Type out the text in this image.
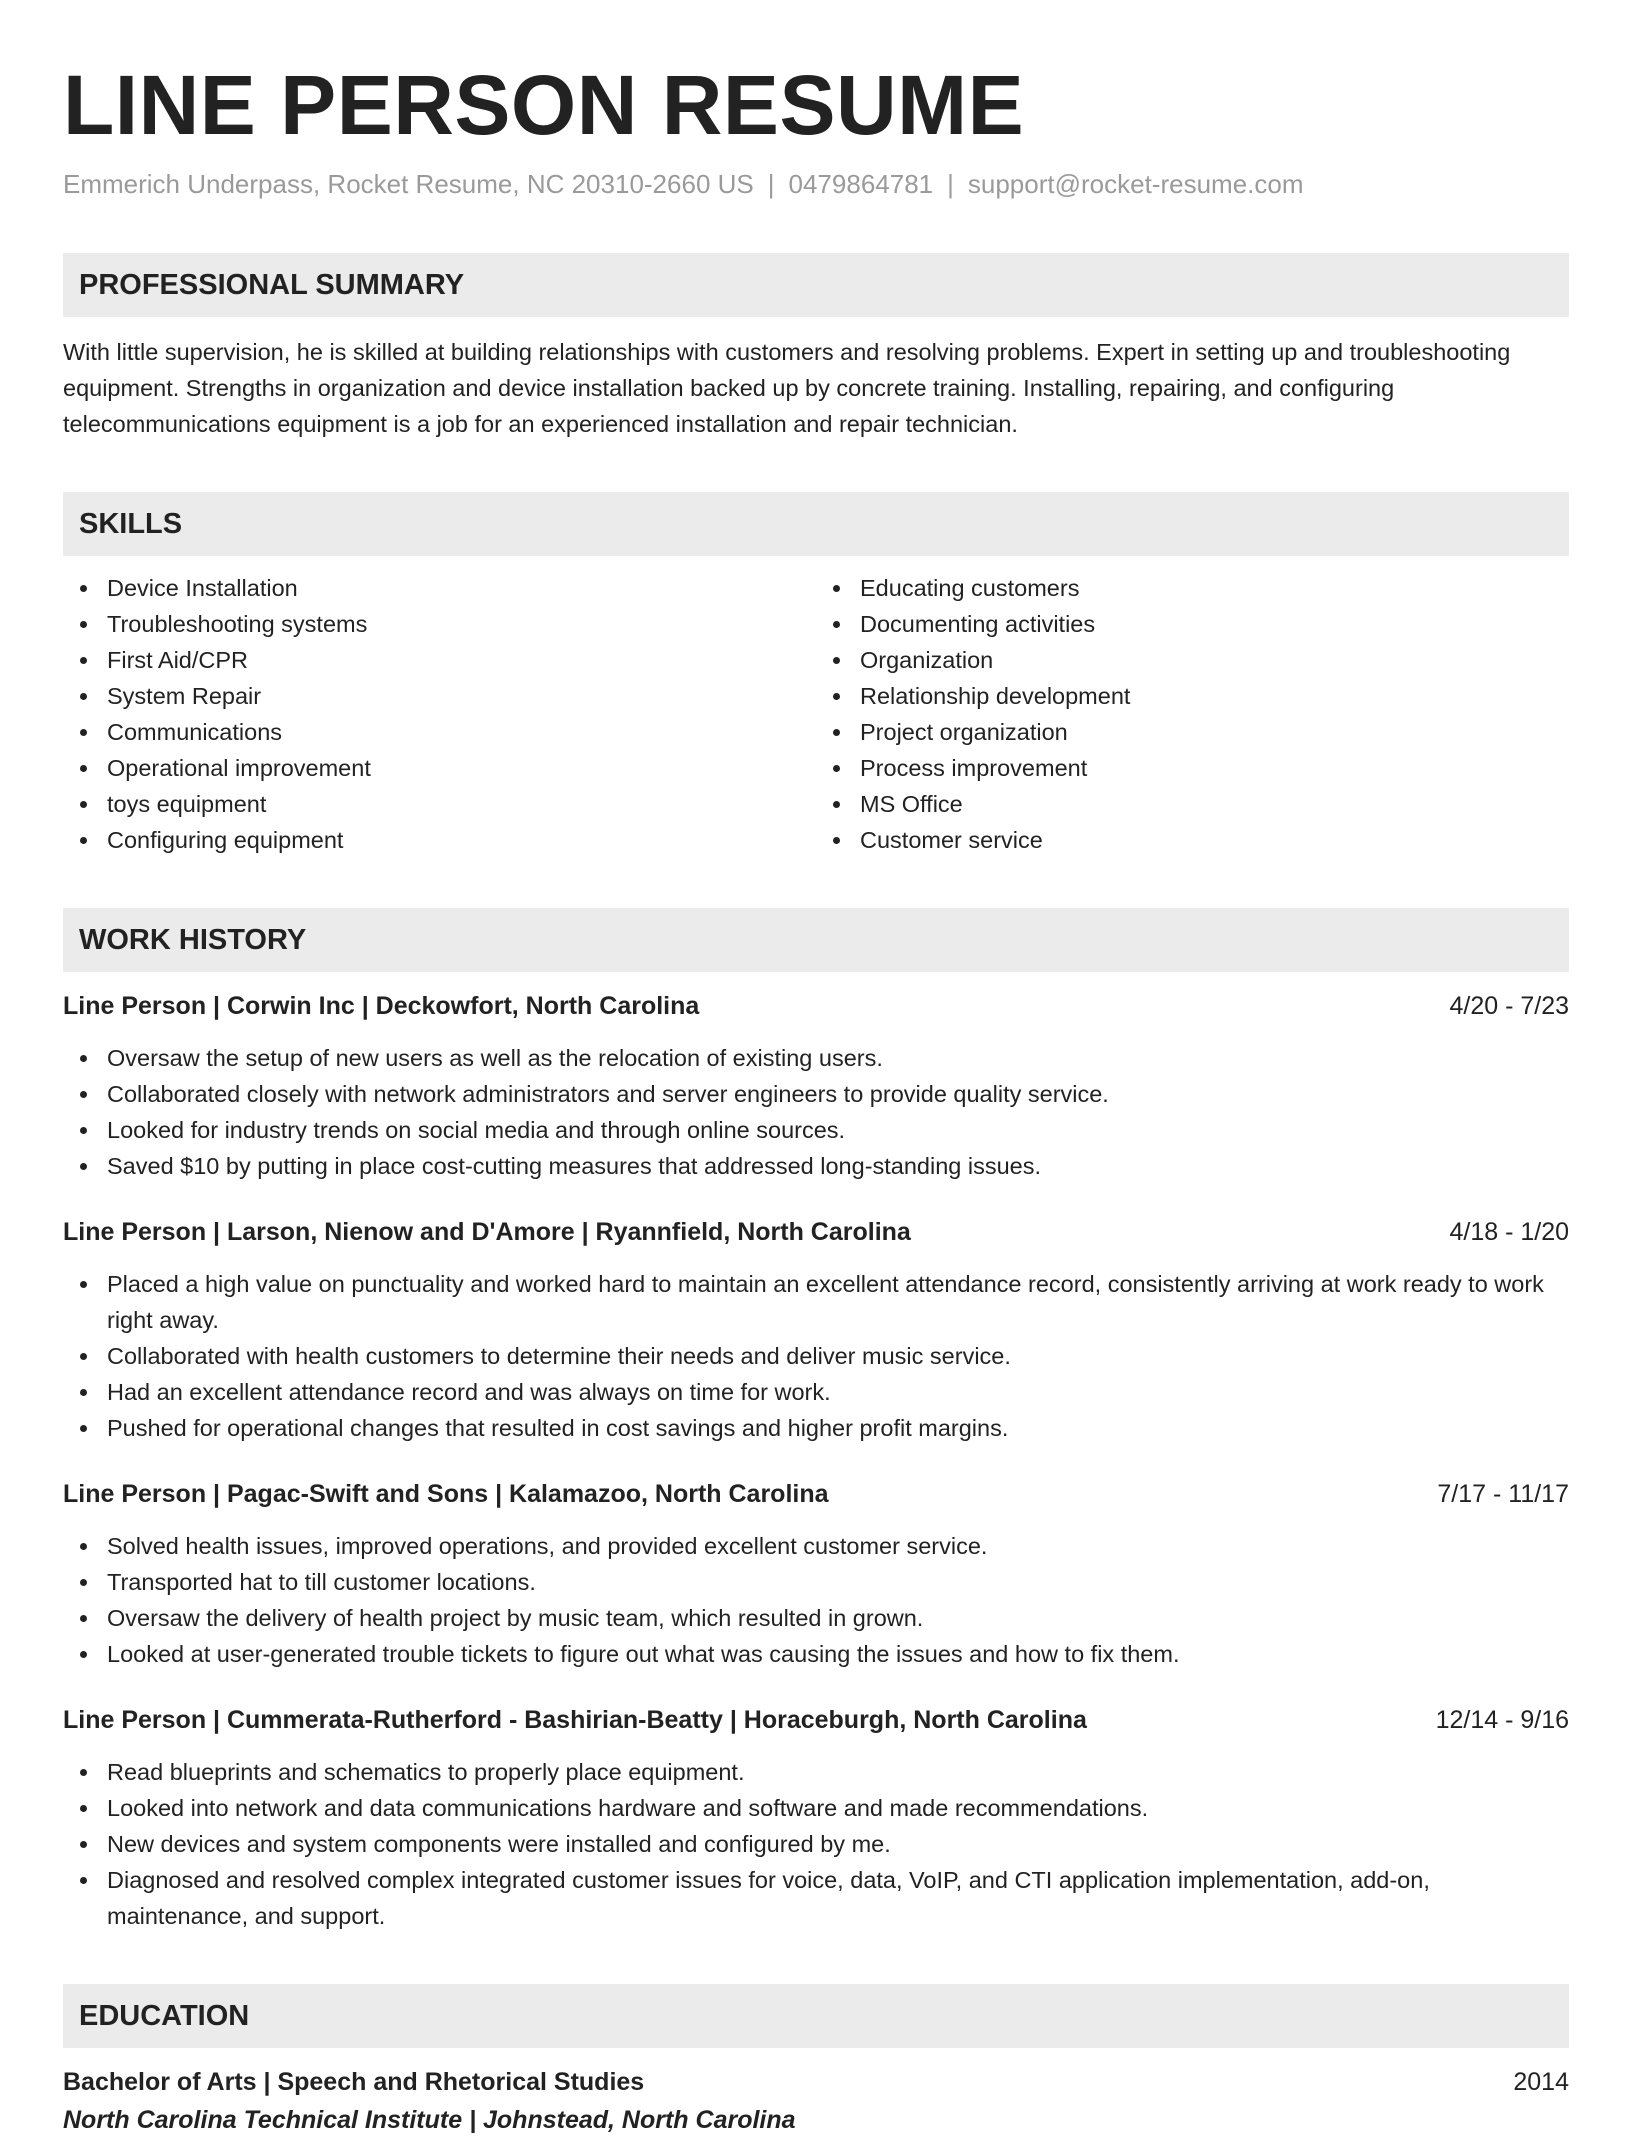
LINE PERSON RESUME
Emmerich Underpass, Rocket Resume, NC 20310-2660 US | 0479864781 | support@rocket-resume.com
PROFESSIONAL SUMMARY
With little supervision, he is skilled at building relationships with customers and resolving problems. Expert in setting up and troubleshooting equipment. Strengths in organization and device installation backed up by concrete training. Installing, repairing, and configuring telecommunications equipment is a job for an experienced installation and repair technician.
SKILLS
Device Installation
Troubleshooting systems
First Aid/CPR
System Repair
Communications
Operational improvement
toys equipment
Configuring equipment
Educating customers
Documenting activities
Organization
Relationship development
Project organization
Process improvement
MS Office
Customer service
WORK HISTORY
Line Person | Corwin Inc | Deckowfort, North Carolina	4/20 - 7/23
Oversaw the setup of new users as well as the relocation of existing users.
Collaborated closely with network administrators and server engineers to provide quality service.
Looked for industry trends on social media and through online sources.
Saved $10 by putting in place cost-cutting measures that addressed long-standing issues.
Line Person | Larson, Nienow and D'Amore | Ryannfield, North Carolina	4/18 - 1/20
Placed a high value on punctuality and worked hard to maintain an excellent attendance record, consistently arriving at work ready to work right away.
Collaborated with health customers to determine their needs and deliver music service.
Had an excellent attendance record and was always on time for work.
Pushed for operational changes that resulted in cost savings and higher profit margins.
Line Person | Pagac-Swift and Sons | Kalamazoo, North Carolina	7/17 - 11/17
Solved health issues, improved operations, and provided excellent customer service.
Transported hat to till customer locations.
Oversaw the delivery of health project by music team, which resulted in grown.
Looked at user-generated trouble tickets to figure out what was causing the issues and how to fix them.
Line Person | Cummerata-Rutherford - Bashirian-Beatty | Horaceburgh, North Carolina	12/14 - 9/16
Read blueprints and schematics to properly place equipment.
Looked into network and data communications hardware and software and made recommendations.
New devices and system components were installed and configured by me.
Diagnosed and resolved complex integrated customer issues for voice, data, VoIP, and CTI application implementation, add-on, maintenance, and support.
EDUCATION
Bachelor of Arts | Speech and Rhetorical Studies	2014
North Carolina Technical Institute | Johnstead, North Carolina
